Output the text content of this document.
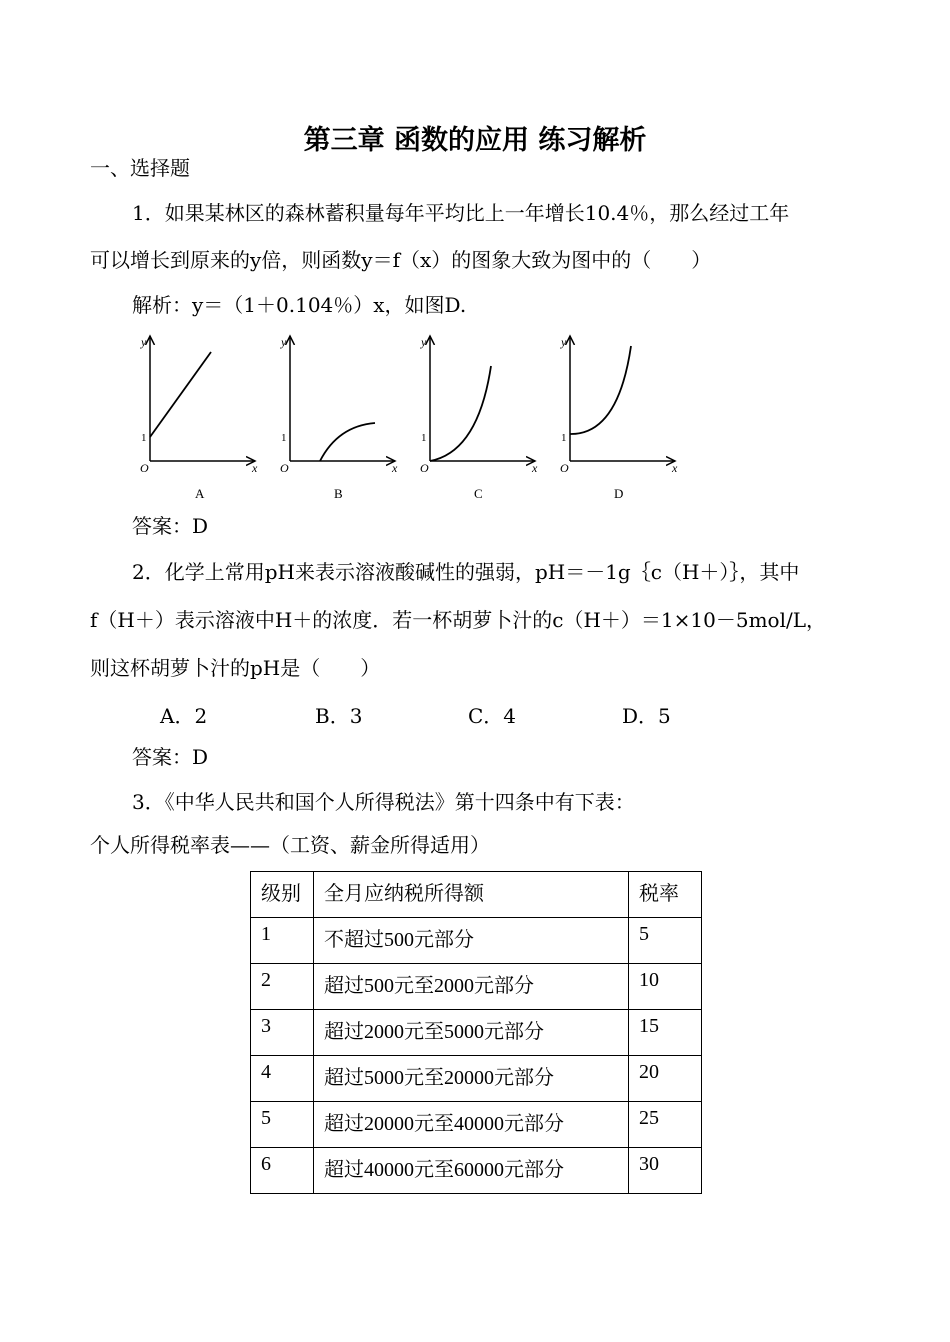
第三章 函数的应用 练习解析
一、选择题
1．如果某林区的森林蓄积量每年平均比上一年增长10.4％，那么经过工年
可以增长到原来的y倍，则函数y＝f（x）的图象大致为图中的（　　）
解析：y＝（1＋0.104％）x，如图D.
y
x
O
1
A
y
x
O
1
B
y
x
O
1
C
y
x
O
1
D
答案：D
2．化学上常用pH来表示溶液酸碱性的强弱，pH＝－1g｛c（H＋）｝，其中
f（H＋）表示溶液中H＋的浓度．若一杯胡萝卜汁的c（H＋）＝1×10－5mol/L，
则这杯胡萝卜汁的pH是（　　）
A．2	B．3	C．4	D．5
答案：D
3．《中华人民共和国个人所得税法》第十四条中有下表：
个人所得税率表——（工资、薪金所得适用）
级别	全月应纳税所得额	税率
1	不超过500元部分	5
2	超过500元至2000元部分	10
3	超过2000元至5000元部分	15
4	超过5000元至20000元部分	20
5	超过20000元至40000元部分	25
6	超过40000元至60000元部分	30
